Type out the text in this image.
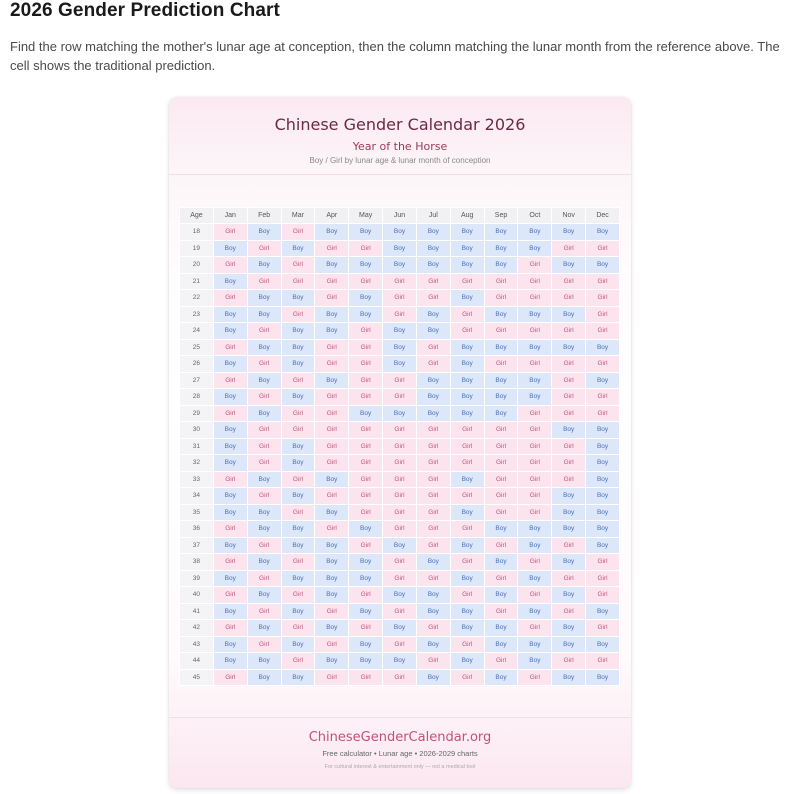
2026 Gender Prediction Chart

Find the row matching the mother's lunar age at conception, then the column matching the lunar month from the reference above. The cell shows the traditional prediction.

Chinese Gender Calendar 2026
Year of the Horse
Boy / Girl by lunar age & lunar month of conception
Age	Jan	Feb	Mar	Apr	May	Jun	Jul	Aug	Sep	Oct	Nov	Dec
18	Girl	Boy	Girl	Boy	Boy	Boy	Boy	Boy	Boy	Boy	Boy	Boy
19	Boy	Girl	Boy	Girl	Girl	Boy	Boy	Boy	Boy	Boy	Girl	Girl
20	Girl	Boy	Girl	Boy	Boy	Boy	Boy	Boy	Boy	Girl	Boy	Boy
21	Boy	Girl	Girl	Girl	Girl	Girl	Girl	Girl	Girl	Girl	Girl	Girl
22	Girl	Boy	Boy	Girl	Boy	Girl	Girl	Boy	Girl	Girl	Girl	Girl
23	Boy	Boy	Girl	Boy	Boy	Girl	Boy	Girl	Boy	Boy	Boy	Girl
24	Boy	Girl	Boy	Boy	Girl	Boy	Boy	Girl	Girl	Girl	Girl	Girl
25	Girl	Boy	Boy	Girl	Girl	Boy	Girl	Boy	Boy	Boy	Boy	Boy
26	Boy	Girl	Boy	Girl	Girl	Boy	Girl	Boy	Girl	Girl	Girl	Girl
27	Girl	Boy	Girl	Boy	Girl	Girl	Boy	Boy	Boy	Boy	Girl	Boy
28	Boy	Girl	Boy	Girl	Girl	Girl	Boy	Boy	Boy	Boy	Girl	Girl
29	Girl	Boy	Girl	Girl	Boy	Boy	Boy	Boy	Boy	Girl	Girl	Girl
30	Boy	Girl	Girl	Girl	Girl	Girl	Girl	Girl	Girl	Girl	Boy	Boy
31	Boy	Girl	Boy	Girl	Girl	Girl	Girl	Girl	Girl	Girl	Girl	Boy
32	Boy	Girl	Boy	Girl	Girl	Girl	Girl	Girl	Girl	Girl	Girl	Boy
33	Girl	Boy	Girl	Boy	Girl	Girl	Girl	Boy	Girl	Girl	Girl	Boy
34	Boy	Girl	Boy	Girl	Girl	Girl	Girl	Girl	Girl	Girl	Boy	Boy
35	Boy	Boy	Girl	Boy	Girl	Girl	Girl	Boy	Girl	Girl	Boy	Boy
36	Girl	Boy	Boy	Girl	Boy	Girl	Girl	Girl	Boy	Boy	Boy	Boy
37	Boy	Girl	Boy	Boy	Girl	Boy	Girl	Boy	Girl	Boy	Girl	Boy
38	Girl	Boy	Girl	Boy	Boy	Girl	Boy	Girl	Boy	Girl	Boy	Girl
39	Boy	Girl	Boy	Boy	Boy	Girl	Girl	Boy	Girl	Boy	Girl	Girl
40	Girl	Boy	Girl	Boy	Girl	Boy	Boy	Girl	Boy	Girl	Boy	Girl
41	Boy	Girl	Boy	Girl	Boy	Girl	Boy	Boy	Girl	Boy	Girl	Boy
42	Girl	Boy	Girl	Boy	Girl	Boy	Girl	Boy	Boy	Girl	Boy	Girl
43	Boy	Girl	Boy	Girl	Boy	Girl	Boy	Girl	Boy	Boy	Boy	Boy
44	Boy	Boy	Girl	Boy	Boy	Boy	Girl	Boy	Girl	Boy	Girl	Girl
45	Girl	Boy	Boy	Girl	Girl	Girl	Boy	Girl	Boy	Girl	Boy	Boy
ChineseGenderCalendar.org
Free calculator • Lunar age • 2026-2029 charts
For cultural interest & entertainment only — not a medical tool
